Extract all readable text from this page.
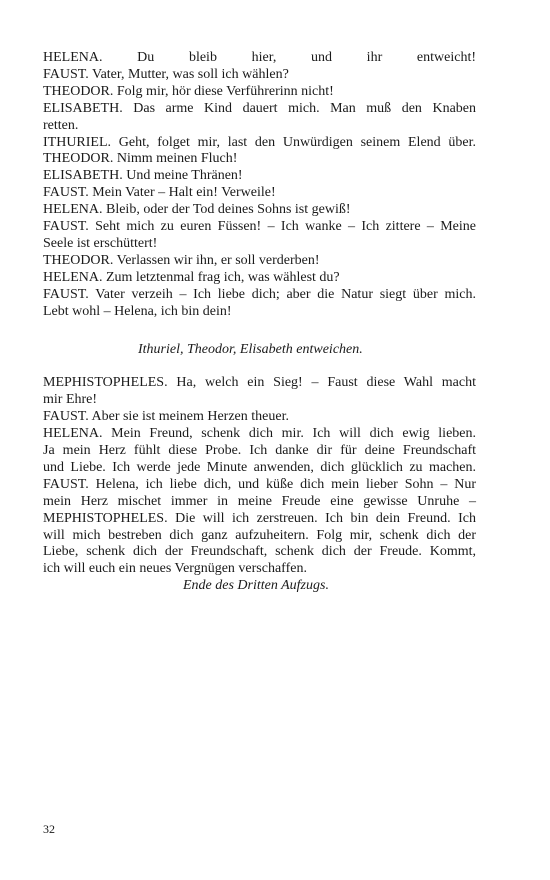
HELENA. Du bleib hier, und ihr entweicht!
FAUST. Vater, Mutter, was soll ich wählen?
THEODOR. Folg mir, hör diese Verführerinn nicht!
ELISABETH. Das arme Kind dauert mich. Man muß den Knaben
retten.
ITHURIEL. Geht, folget mir, last den Unwürdigen seinem Elend über.
THEODOR. Nimm meinen Fluch!
ELISABETH. Und meine Thränen!
FAUST. Mein Vater – Halt ein! Verweile!
HELENA. Bleib, oder der Tod deines Sohns ist gewiß!
FAUST. Seht mich zu euren Füssen! – Ich wanke – Ich zittere – Meine
Seele ist erschüttert!
THEODOR. Verlassen wir ihn, er soll verderben!
HELENA. Zum letztenmal frag ich, was wählest du?
FAUST. Vater verzeih – Ich liebe dich; aber die Natur siegt über mich.
Lebt wohl – Helena, ich bin dein!
Ithuriel, Theodor, Elisabeth entweichen.
MEPHISTOPHELES. Ha, welch ein Sieg! – Faust diese Wahl macht
mir Ehre!
FAUST. Aber sie ist meinem Herzen theuer.
HELENA. Mein Freund, schenk dich mir. Ich will dich ewig lieben.
Ja mein Herz fühlt diese Probe. Ich danke dir für deine Freundschaft
und Liebe. Ich werde jede Minute anwenden, dich glücklich zu machen.
FAUST. Helena, ich liebe dich, und küße dich mein lieber Sohn – Nur
mein Herz mischet immer in meine Freude eine gewisse Unruhe –
MEPHISTOPHELES. Die will ich zerstreuen. Ich bin dein Freund. Ich
will mich bestreben dich ganz aufzuheitern. Folg mir, schenk dich der
Liebe, schenk dich der Freundschaft, schenk dich der Freude. Kommt,
ich will euch ein neues Vergnügen verschaffen.
Ende des Dritten Aufzugs.
32
